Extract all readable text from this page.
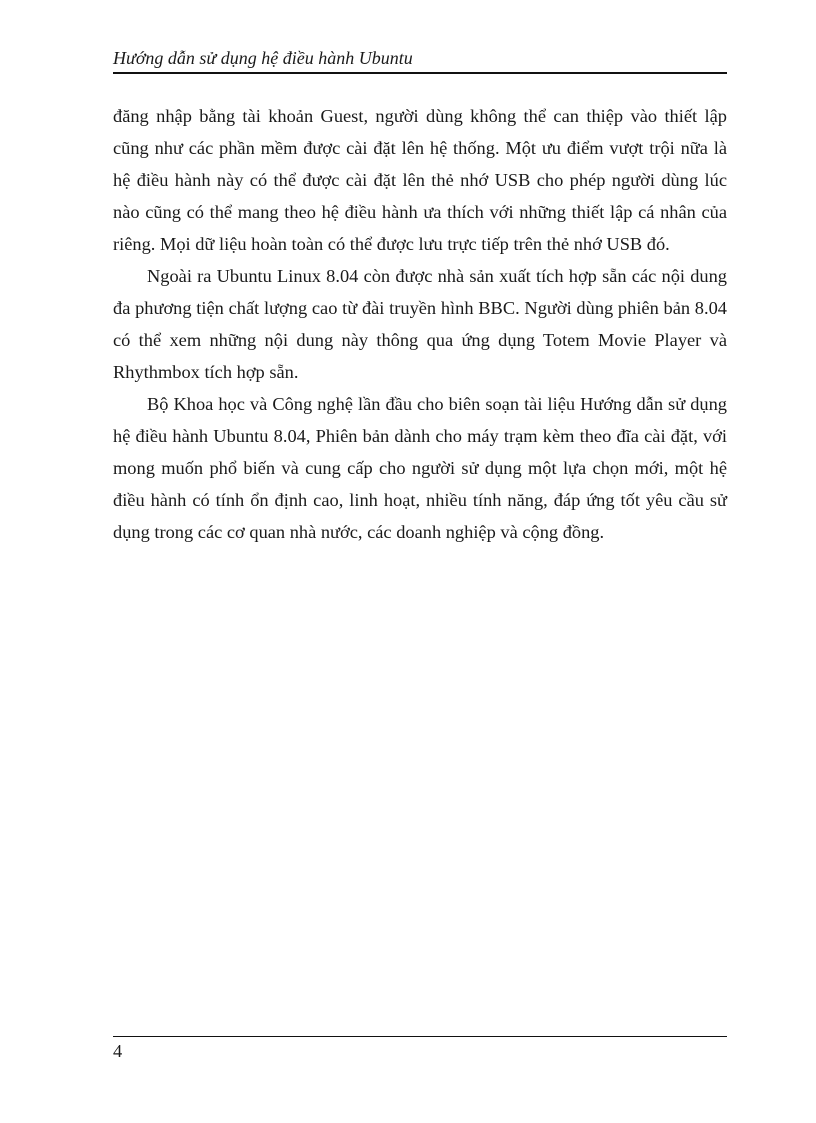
Hướng dẫn sử dụng hệ điều hành Ubuntu

đăng nhập bằng tài khoản Guest, người dùng không thể can thiệp vào thiết lập cũng như các phần mềm được cài đặt lên hệ thống. Một ưu điểm vượt trội nữa là hệ điều hành này có thể được cài đặt lên thẻ nhớ USB cho phép người dùng lúc nào cũng có thể mang theo hệ điều hành ưa thích với những thiết lập cá nhân của riêng. Mọi dữ liệu hoàn toàn có thể được lưu trực tiếp trên thẻ nhớ USB đó.

Ngoài ra Ubuntu Linux 8.04 còn được nhà sản xuất tích hợp sẵn các nội dung đa phương tiện chất lượng cao từ đài truyền hình BBC. Người dùng phiên bản 8.04 có thể xem những nội dung này thông qua ứng dụng Totem Movie Player và Rhythmbox tích hợp sẵn.

Bộ Khoa học và Công nghệ lần đầu cho biên soạn tài liệu Hướng dẫn sử dụng hệ điều hành Ubuntu 8.04, Phiên bản dành cho máy trạm kèm theo đĩa cài đặt, với mong muốn phổ biến và cung cấp cho người sử dụng một lựa chọn mới, một hệ điều hành có tính ổn định cao, linh hoạt, nhiều tính năng, đáp ứng tốt yêu cầu sử dụng trong các cơ quan nhà nước, các doanh nghiệp và cộng đồng.

4
